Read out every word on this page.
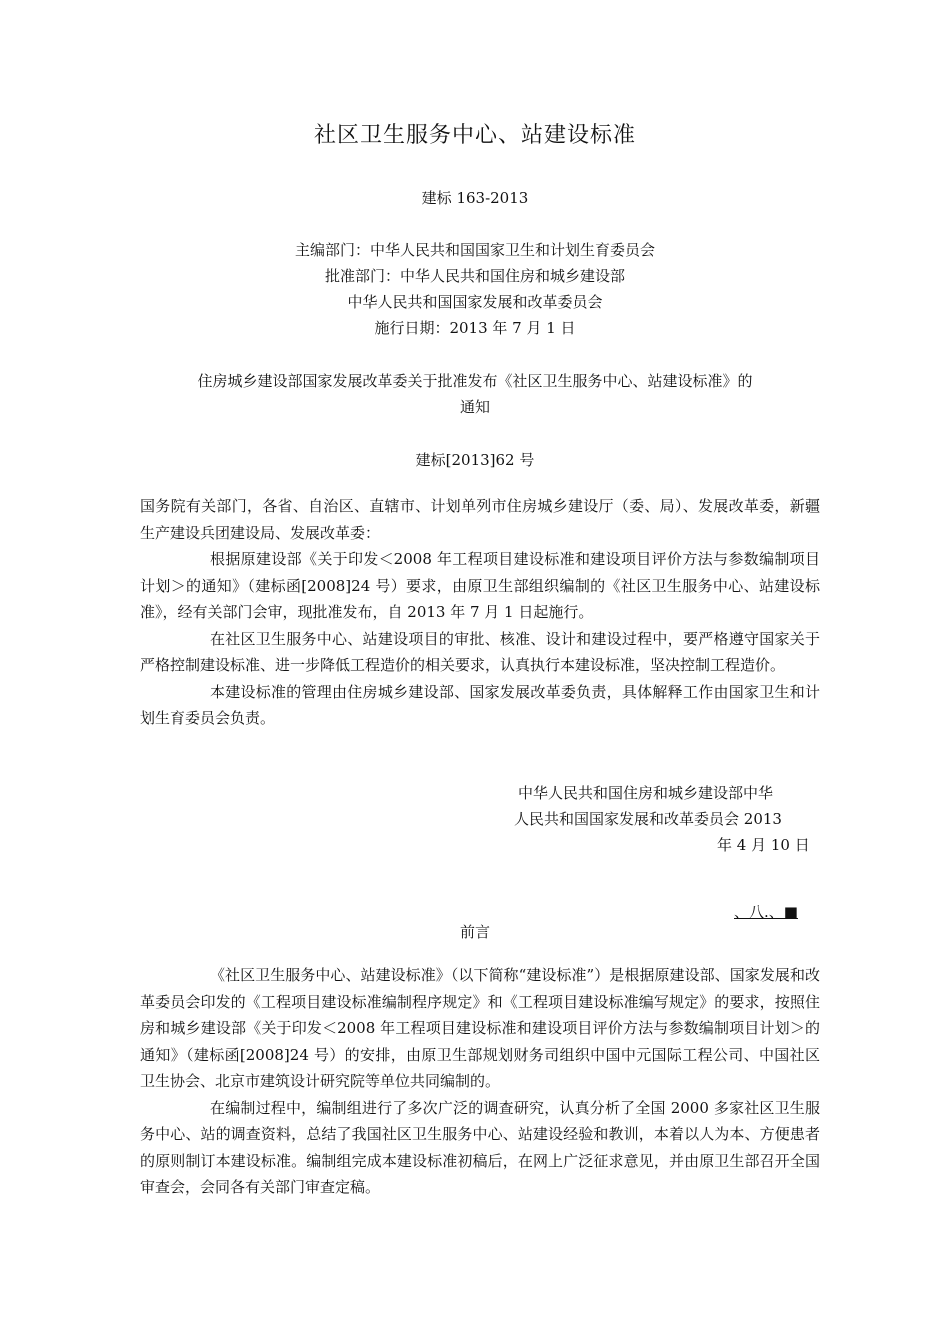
社区卫生服务中心、站建设标准
建标 163-2013
主编部门：中华人民共和国国家卫生和计划生育委员会
批准部门：中华人民共和国住房和城乡建设部
中华人民共和国国家发展和改革委员会
施行日期：2013 年 7 月 1 日
住房城乡建设部国家发展改革委关于批准发布《社区卫生服务中心、站建设标准》的
通知
建标[2013]62 号

国务院有关部门，各省、自治区、直辖市、计划单列市住房城乡建设厅（委、局）、发展改革委，新疆生产建设兵团建设局、发展改革委：

根据原建设部《关于印发＜2008 年工程项目建设标准和建设项目评价方法与参数编制项目计划＞的通知》（建标函[2008]24 号）要求，由原卫生部组织编制的《社区卫生服务中心、站建设标准》，经有关部门会审，现批准发布，自 2013 年 7 月 1 日起施行。

在社区卫生服务中心、站建设项目的审批、核准、设计和建设过程中，要严格遵守国家关于严格控制建设标准、进一步降低工程造价的相关要求，认真执行本建设标准，坚决控制工程造价。

本建设标准的管理由住房城乡建设部、国家发展改革委负责，具体解释工作由国家卫生和计划生育委员会负责。

中华人民共和国住房和城乡建设部中华
人民共和国国家发展和改革委员会 2013
年 4 月 10 日
、八.、■
前言

《社区卫生服务中心、站建设标准》（以下简称“建设标准”）是根据原建设部、国家发展和改革委员会印发的《工程项目建设标准编制程序规定》和《工程项目建设标准编写规定》的要求，按照住房和城乡建设部《关于印发＜2008 年工程项目建设标准和建设项目评价方法与参数编制项目计划＞的通知》（建标函[2008]24 号）的安排，由原卫生部规划财务司组织中国中元国际工程公司、中国社区卫生协会、北京市建筑设计研究院等单位共同编制的。

在编制过程中，编制组进行了多次广泛的调查研究，认真分析了全国 2000 多家社区卫生服务中心、站的调查资料，总结了我国社区卫生服务中心、站建设经验和教训，本着以人为本、方便患者的原则制订本建设标准。编制组完成本建设标准初稿后，在网上广泛征求意见，并由原卫生部召开全国审查会，会同各有关部门审查定稿。
